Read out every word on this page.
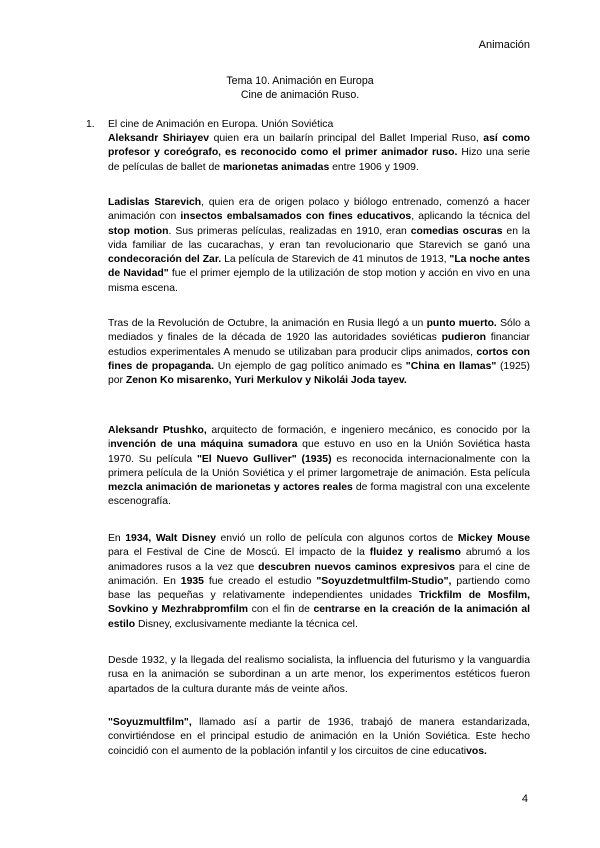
Animación
Tema 10. Animación en Europa
Cine de animación Ruso.
1. El cine de Animación en Europa. Unión Soviética

Aleksandr Shiriayev quien era un bailarín principal del Ballet Imperial Ruso, así como profesor y coreógrafo, es reconocido como el primer animador ruso. Hizo una serie de películas de ballet de marionetas animadas entre 1906 y 1909.

Ladislas Starevich, quien era de origen polaco y biólogo entrenado, comenzó a hacer animación con insectos embalsamados con fines educativos, aplicando la técnica del stop motion. Sus primeras películas, realizadas en 1910, eran comedias oscuras en la vida familiar de las cucarachas, y eran tan revolucionario que Starevich se ganó una condecoración del Zar. La película de Starevich de 41 minutos de 1913, "La noche antes de Navidad" fue el primer ejemplo de la utilización de stop motion y acción en vivo en una misma escena.

Tras de la Revolución de Octubre, la animación en Rusia llegó a un punto muerto. Sólo a mediados y finales de la década de 1920 las autoridades soviéticas pudieron financiar estudios experimentales A menudo se utilizaban para producir clips animados, cortos con fines de propaganda. Un ejemplo de gag político animado es "China en llamas" (1925) por Zenon Ko misarenko, Yuri Merkulov y Nikolái Joda tayev.

Aleksandr Ptushko, arquitecto de formación, e ingeniero mecánico, es conocido por la invención de una máquina sumadora que estuvo en uso en la Unión Soviética hasta 1970. Su película "El Nuevo Gulliver" (1935) es reconocida internacionalmente con la primera película de la Unión Soviética y el primer largometraje de animación. Esta película mezcla animación de marionetas y actores reales de forma magistral con una excelente escenografía.

En 1934, Walt Disney envió un rollo de película con algunos cortos de Mickey Mouse para el Festival de Cine de Moscú. El impacto de la fluidez y realismo abrumó a los animadores rusos a la vez que descubren nuevos caminos expresivos para el cine de animación. En 1935 fue creado el estudio "Soyuzdetmultfilm-Studio", partiendo como base las pequeñas y relativamente independientes unidades Trickfilm de Mosfilm, Sovkino y Mezhrabpromfilm con el fin de centrarse en la creación de la animación al estilo Disney, exclusivamente mediante la técnica cel.

Desde 1932, y la llegada del realismo socialista, la influencia del futurismo y la vanguardia rusa en la animación se subordinan a un arte menor, los experimentos estéticos fueron apartados de la cultura durante más de veinte años.

"Soyuzmultfilm", llamado así a partir de 1936, trabajó de manera estandarizada, convirtiéndose en el principal estudio de animación en la Unión Soviética. Este hecho coincidió con el aumento de la población infantil y los circuitos de cine educativos.

4
